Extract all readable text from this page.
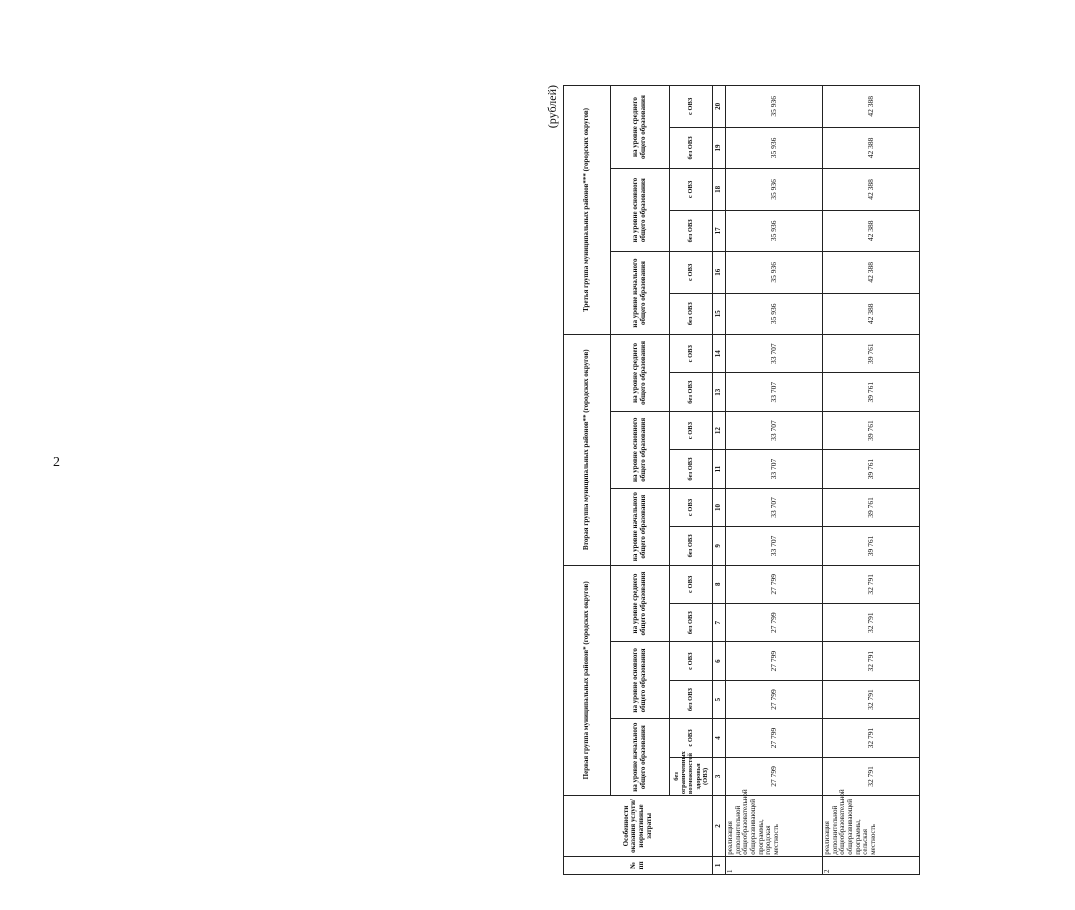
2
(рублей)
№ пп	Особенности оказания услуги/нормативные затраты	Первая группа муниципальных районов* (городских округов)						Вторая группа муниципальных районов** (городских округов)						Третья группа муниципальных районов*** (городских округов)					
		на уровне начального общего образования		на уровне основного общего образования		на уровне среднего общего образования		на уровне начального общего образования		на уровне основного общего образования		на уровне среднего общего образования		на уровне начального общего образования		на уровне основного общего образования		на уровне среднего общего образования	
		без ограниченных возможностей здоровья (ОВЗ)	с ОВЗ	без ОВЗ	с ОВЗ	без ОВЗ	с ОВЗ	без ОВЗ	с ОВЗ	без ОВЗ	с ОВЗ	без ОВЗ	с ОВЗ	без ОВЗ	с ОВЗ	без ОВЗ	с ОВЗ	без ОВЗ	с ОВЗ
1	2	3	4	5	6	7	8	9	10	11	12	13	14	15	16	17	18	19	20
1	реализация дополнительной общеобразовательной общеразвивающей программы, городская местность	27 799	27 799	27 799	27 799	27 799	27 799	33 707	33 707	33 707	33 707	33 707	33 707	35 936	35 936	35 936	35 936	35 936	35 936
2	реализация дополнительной общеобразовательной общеразвивающей программы, сельская местность	32 791	32 791	32 791	32 791	32 791	32 791	39 761	39 761	39 761	39 761	39 761	39 761	42 388	42 388	42 388	42 388	42 388	42 388
